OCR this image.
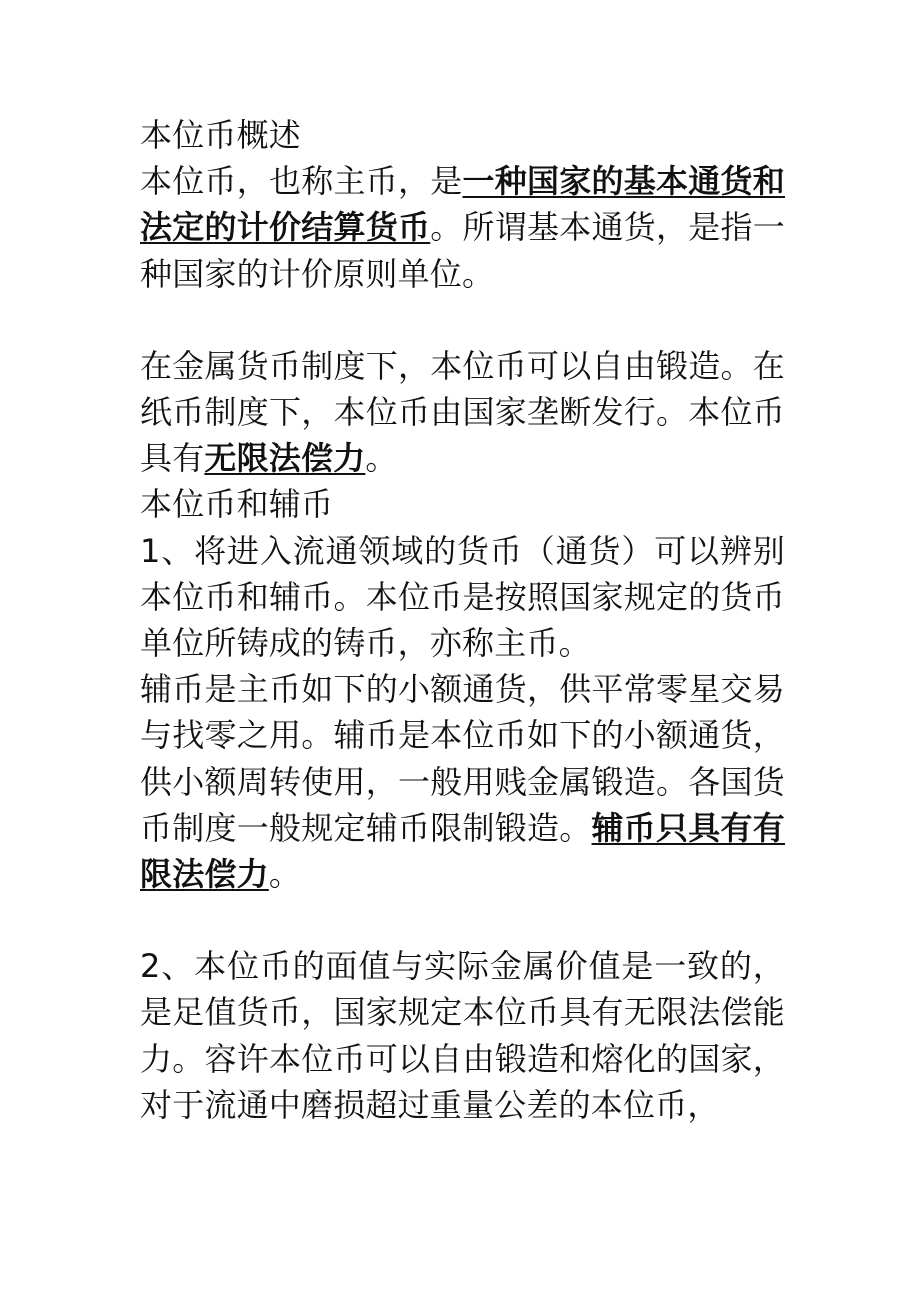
本位币概述

本位币，也称主币，是一种国家的基本通货和法定的计价结算货币。所谓基本通货，是指一种国家的计价原则单位。

在金属货币制度下，本位币可以自由锻造。在纸币制度下，本位币由国家垄断发行。本位币具有无限法偿力。

本位币和辅币

1、将进入流通领域的货币（通货）可以辨别本位币和辅币。本位币是按照国家规定的货币单位所铸成的铸币，亦称主币。

辅币是主币如下的小额通货，供平常零星交易与找零之用。辅币是本位币如下的小额通货，供小额周转使用，一般用贱金属锻造。各国货币制度一般规定辅币限制锻造。辅币只具有有限法偿力。

2、本位币的面值与实际金属价值是一致的，是足值货币，国家规定本位币具有无限法偿能力。容许本位币可以自由锻造和熔化的国家，对于流通中磨损超过重量公差的本位币，
